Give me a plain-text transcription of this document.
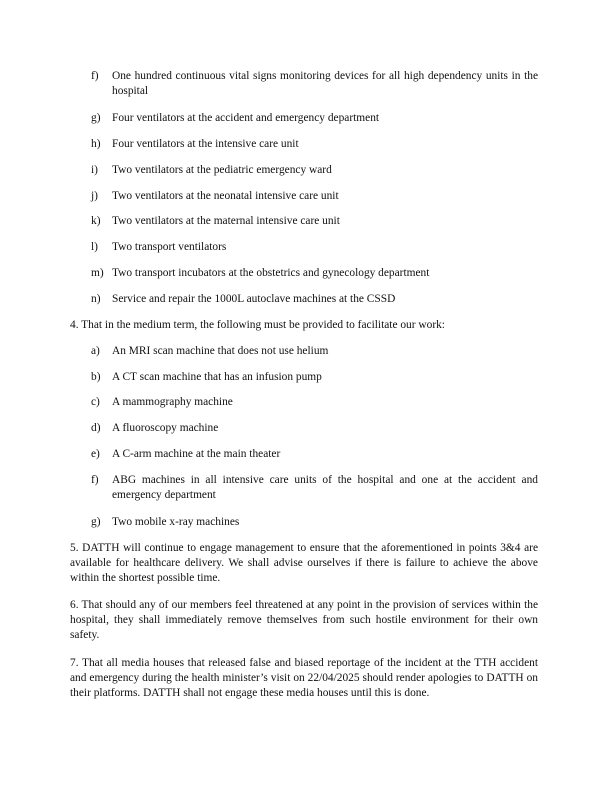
f)	One hundred continuous vital signs monitoring devices for all high dependency units in the hospital
g)	Four ventilators at the accident and emergency department
h)	Four ventilators at the intensive care unit
i)	Two ventilators at the pediatric emergency ward
j)	Two ventilators at the neonatal intensive care unit
k)	Two ventilators at the maternal intensive care unit
l)	Two transport ventilators
m) Two transport incubators at the obstetrics and gynecology department
n)	Service and repair the 1000L autoclave machines at the CSSD
4. That in the medium term, the following must be provided to facilitate our work:
a)	An MRI scan machine that does not use helium
b)	A CT scan machine that has an infusion pump
c)	A mammography machine
d)	A fluoroscopy machine
e)	A C-arm machine at the main theater
f)	ABG machines in all intensive care units of the hospital and one at the accident and emergency department
g)	Two mobile x-ray machines
5. DATTH will continue to engage management to ensure that the aforementioned in points 3&4 are available for healthcare delivery. We shall advise ourselves if there is failure to achieve the above within the shortest possible time.
6. That should any of our members feel threatened at any point in the provision of services within the hospital, they shall immediately remove themselves from such hostile environment for their own safety.
7. That all media houses that released false and biased reportage of the incident at the TTH accident and emergency during the health minister’s visit on 22/04/2025 should render apologies to DATTH on their platforms. DATTH shall not engage these media houses until this is done.
